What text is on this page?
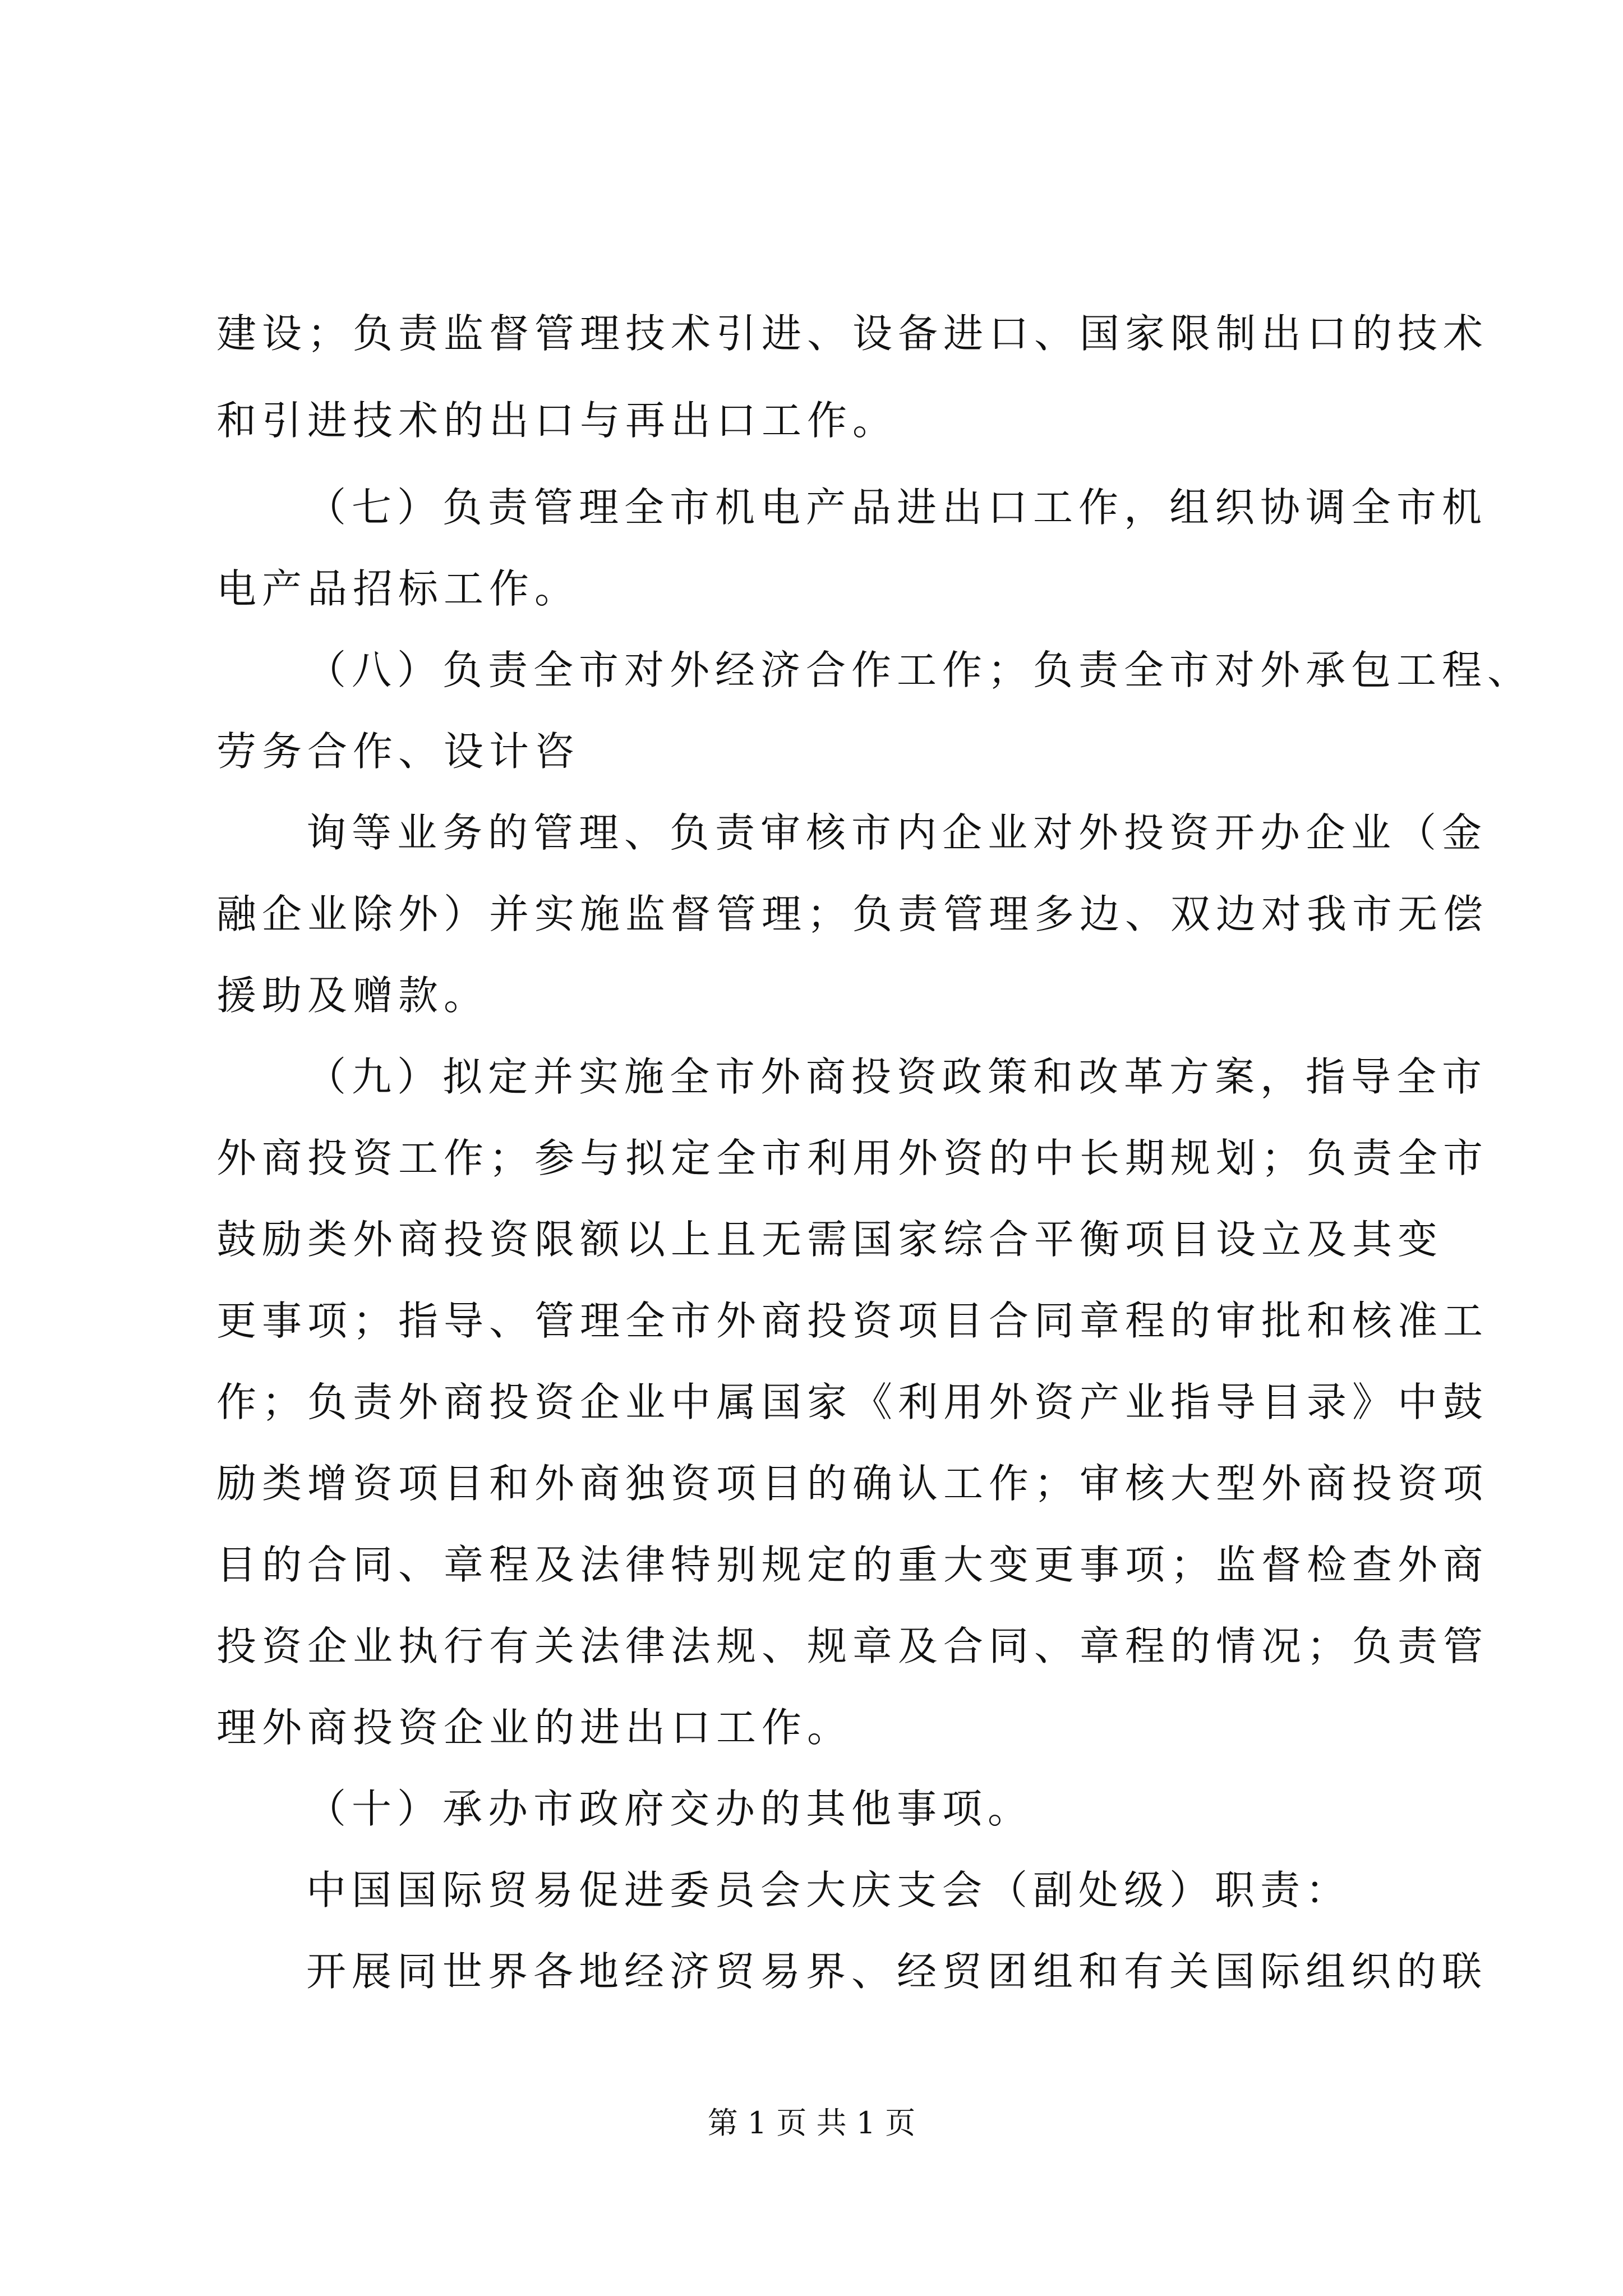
建设；负责监督管理技术引进、设备进口、国家限制出口的技术
和引进技术的出口与再出口工作。
（七）负责管理全市机电产品进出口工作，组织协调全市机
电产品招标工作。
（八）负责全市对外经济合作工作；负责全市对外承包工程、
劳务合作、设计咨
询等业务的管理、负责审核市内企业对外投资开办企业（金
融企业除外）并实施监督管理；负责管理多边、双边对我市无偿
援助及赠款。
（九）拟定并实施全市外商投资政策和改革方案，指导全市
外商投资工作；参与拟定全市利用外资的中长期规划；负责全市
鼓励类外商投资限额以上且无需国家综合平衡项目设立及其变
更事项；指导、管理全市外商投资项目合同章程的审批和核准工
作；负责外商投资企业中属国家《利用外资产业指导目录》中鼓
励类增资项目和外商独资项目的确认工作；审核大型外商投资项
目的合同、章程及法律特别规定的重大变更事项；监督检查外商
投资企业执行有关法律法规、规章及合同、章程的情况；负责管
理外商投资企业的进出口工作。
（十）承办市政府交办的其他事项。
中国国际贸易促进委员会大庆支会（副处级）职责：
开展同世界各地经济贸易界、经贸团组和有关国际组织的联
第 1 页 共 1 页
